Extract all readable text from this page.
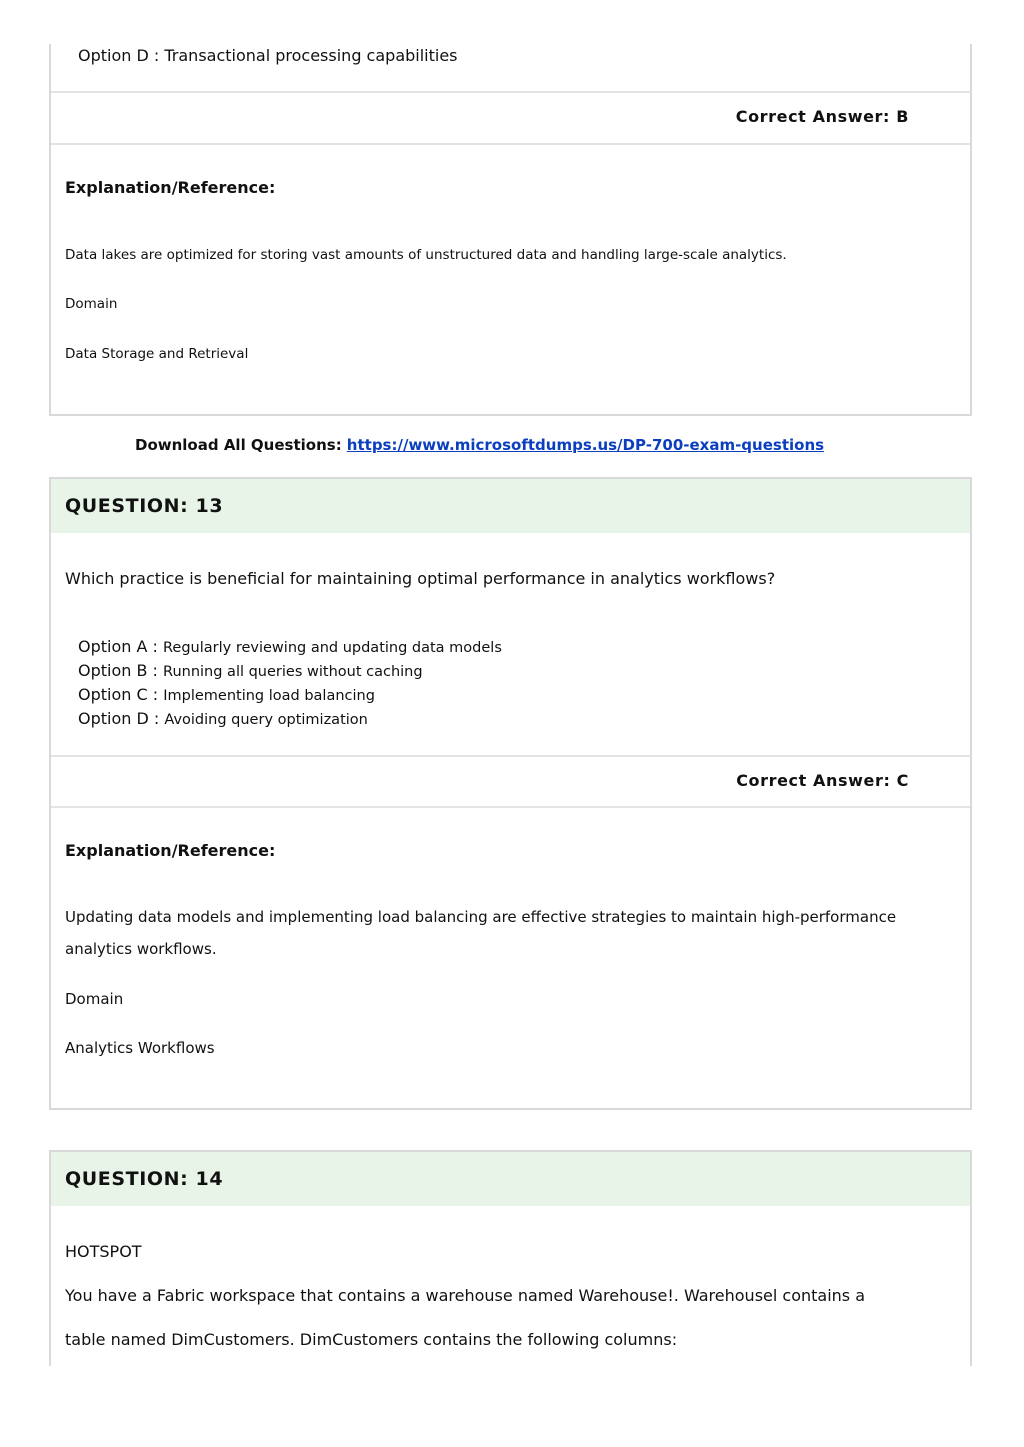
Option D : Transactional processing capabilities
Correct Answer: B
Explanation/Reference:
Data lakes are optimized for storing vast amounts of unstructured data and handling large-scale analytics.
Domain
Data Storage and Retrieval
Download All Questions: https://www.microsoftdumps.us/DP-700-exam-questions
QUESTION: 13
Which practice is beneficial for maintaining optimal performance in analytics workflows?
Option A : Regularly reviewing and updating data models
Option B : Running all queries without caching
Option C : Implementing load balancing
Option D : Avoiding query optimization
Correct Answer: C
Explanation/Reference:
Updating data models and implementing load balancing are effective strategies to maintain high-performance
analytics workflows.
Domain
Analytics Workflows
QUESTION: 14
HOTSPOT
You have a Fabric workspace that contains a warehouse named Warehouse!. Warehousel contains a
table named DimCustomers. DimCustomers contains the following columns:
